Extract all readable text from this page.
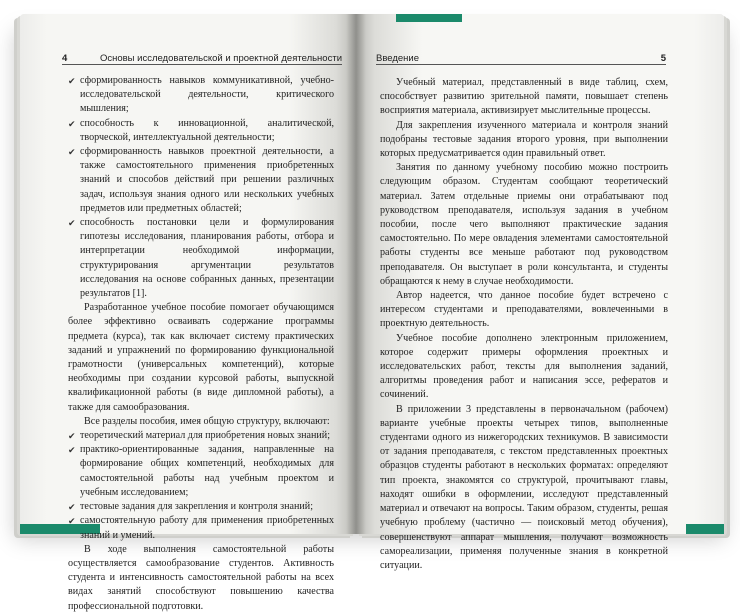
4	Основы исследовательской и проектной деятельности
✔ сформированность навыков коммуникативной, учебно-исследовательской деятельности, критического мышления;
✔ способность к инновационной, аналитической, творческой, интеллектуальной деятельности;
✔ сформированность навыков проектной деятельности, а также самостоятельного применения приобретенных знаний и способов действий при решении различных задач, используя знания одного или нескольких учебных предметов или предметных областей;
✔ способность постановки цели и формулирования гипотезы исследования, планирования работы, отбора и интерпретации необходимой информации, структурирования аргументации результатов исследования на основе собранных данных, презентации результатов [1].

Разработанное учебное пособие помогает обучающимся более эффективно осваивать содержание программы предмета (курса), так как включает систему практических заданий и упражнений по формированию функциональной грамотности (универсальных компетенций), которые необходимы при создании курсовой работы, выпускной квалификационной работы (в виде дипломной работы), а также для самообразования.

Все разделы пособия, имея общую структуру, включают:

✔ теоретический материал для приобретения новых знаний;
✔ практико-ориентированные задания, направленные на формирование общих компетенций, необходимых для самостоятельной работы над учебным проектом и учебным исследованием;
✔ тестовые задания для закрепления и контроля знаний;
✔ самостоятельную работу для применения приобретенных знаний и умений.

В ходе выполнения самостоятельной работы осуществляется самообразование студентов. Активность студента и интенсивность самостоятельной работы на всех видах занятий способствуют повышению качества профессиональной подготовки.

Введение	5

Учебный материал, представленный в виде таблиц, схем, способствует развитию зрительной памяти, повышает степень восприятия материала, активизирует мыслительные процессы.

Для закрепления изученного материала и контроля знаний подобраны тестовые задания второго уровня, при выполнении которых предусматривается один правильный ответ.

Занятия по данному учебному пособию можно построить следующим образом. Студентам сообщают теоретический материал. Затем отдельные приемы они отрабатывают под руководством преподавателя, используя задания в учебном пособии, после чего выполняют практические задания самостоятельно. По мере овладения элементами самостоятельной работы студенты все меньше работают под руководством преподавателя. Он выступает в роли консультанта, и студенты обращаются к нему в случае необходимости.

Автор надеется, что данное пособие будет встречено с интересом студентами и преподавателями, вовлеченными в проектную деятельность.

Учебное пособие дополнено электронным приложением, которое содержит примеры оформления проектных и исследовательских работ, тексты для выполнения заданий, алгоритмы проведения работ и написания эссе, рефератов и сочинений.

В приложении 3 представлены в первоначальном (рабочем) варианте учебные проекты четырех типов, выполненные студентами одного из нижегородских техникумов. В зависимости от задания преподавателя, с текстом представленных проектных образцов студенты работают в нескольких форматах: определяют тип проекта, знакомятся со структурой, прочитывают главы, находят ошибки в оформлении, исследуют представленный материал и отвечают на вопросы. Таким образом, студенты, решая учебную проблему (частично — поисковый метод обучения), совершенствуют аппарат мышления, получают возможность самореализации, применяя полученные знания в конкретной ситуации.
